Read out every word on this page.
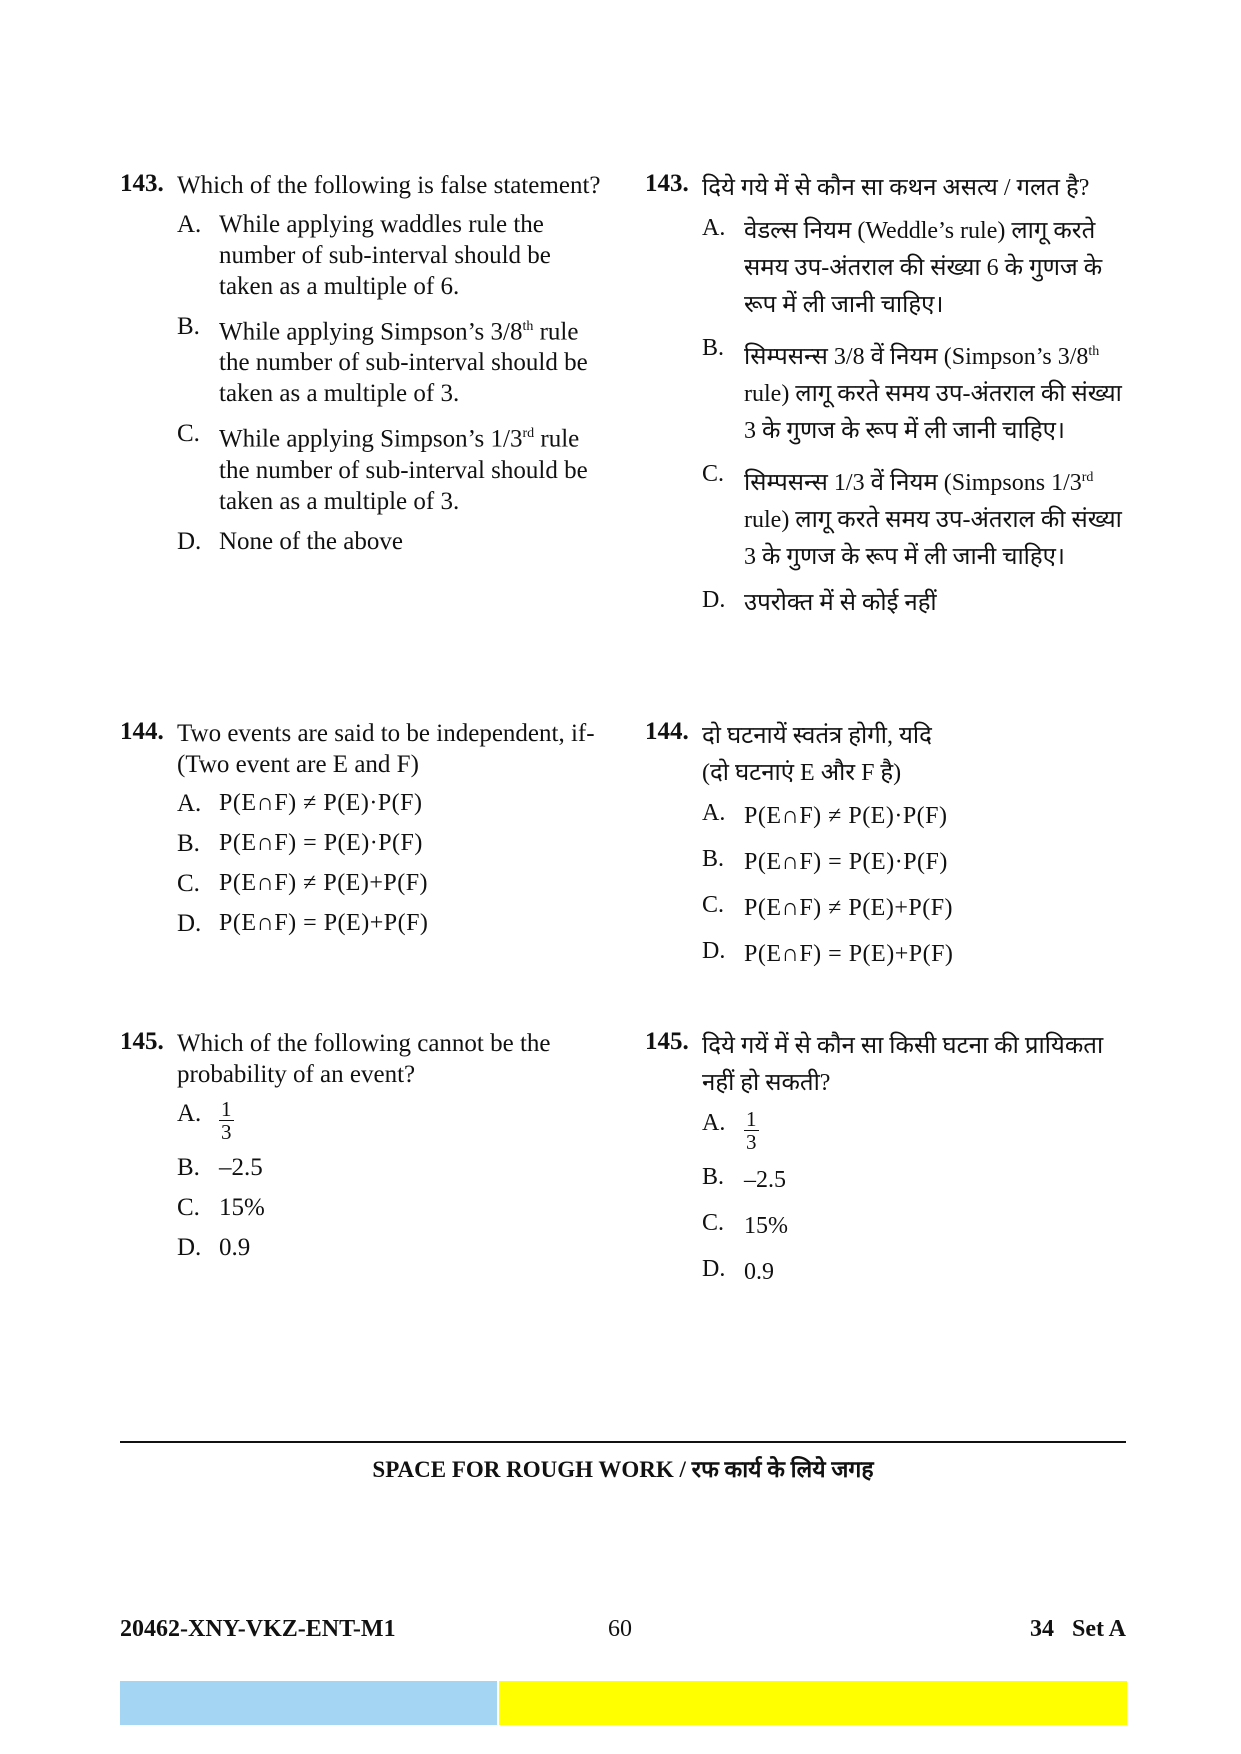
143. Which of the following is false statement?
A. While applying waddles rule the number of sub-interval should be taken as a multiple of 6.
B. While applying Simpson’s 3/8th rule the number of sub-interval should be taken as a multiple of 3.
C. While applying Simpson’s 1/3rd rule the number of sub-interval should be taken as a multiple of 3.
D. None of the above
144. Two events are said to be independent, if-
(Two event are E and F)
A. P(E∩F) ≠ P(E)·P(F)
B. P(E∩F) = P(E)·P(F)
C. P(E∩F) ≠ P(E)+P(F)
D. P(E∩F) = P(E)+P(F)
145. Which of the following cannot be the probability of an event?
A. $\frac{1}{3}$
B. –2.5
C. 15%
D. 0.9
143. दिये गये में से कौन सा कथन असत्य / गलत है?
A. वेडल्स नियम (Weddle’s rule) लागू करते समय उप-अंतराल की संख्या 6 के गुणज के रूप में ली जानी चाहिए।
B. सिम्पसन्स 3/8 वें नियम (Simpson’s 3/8th rule) लागू करते समय उप-अंतराल की संख्या 3 के गुणज के रूप में ली जानी चाहिए।
C. सिम्पसन्स 1/3 वें नियम (Simpsons 1/3rd rule) लागू करते समय उप-अंतराल की संख्या 3 के गुणज के रूप में ली जानी चाहिए।
D. उपरोक्त में से कोई नहीं
144. दो घटनायें स्वतंत्र होगी, यदि
(दो घटनाएं E और F है)
A. P(E∩F) ≠ P(E)·P(F)
B. P(E∩F) = P(E)·P(F)
C. P(E∩F) ≠ P(E)+P(F)
D. P(E∩F) = P(E)+P(F)
145. दिये गयें में से कौन सा किसी घटना की प्रायिकता नहीं हो सकती?
A. $\frac{1}{3}$
B. –2.5
C. 15%
D. 0.9
SPACE FOR ROUGH WORK / रफ कार्य के लिये जगह
20462-XNY-VKZ-ENT-M1	60	34   Set A
